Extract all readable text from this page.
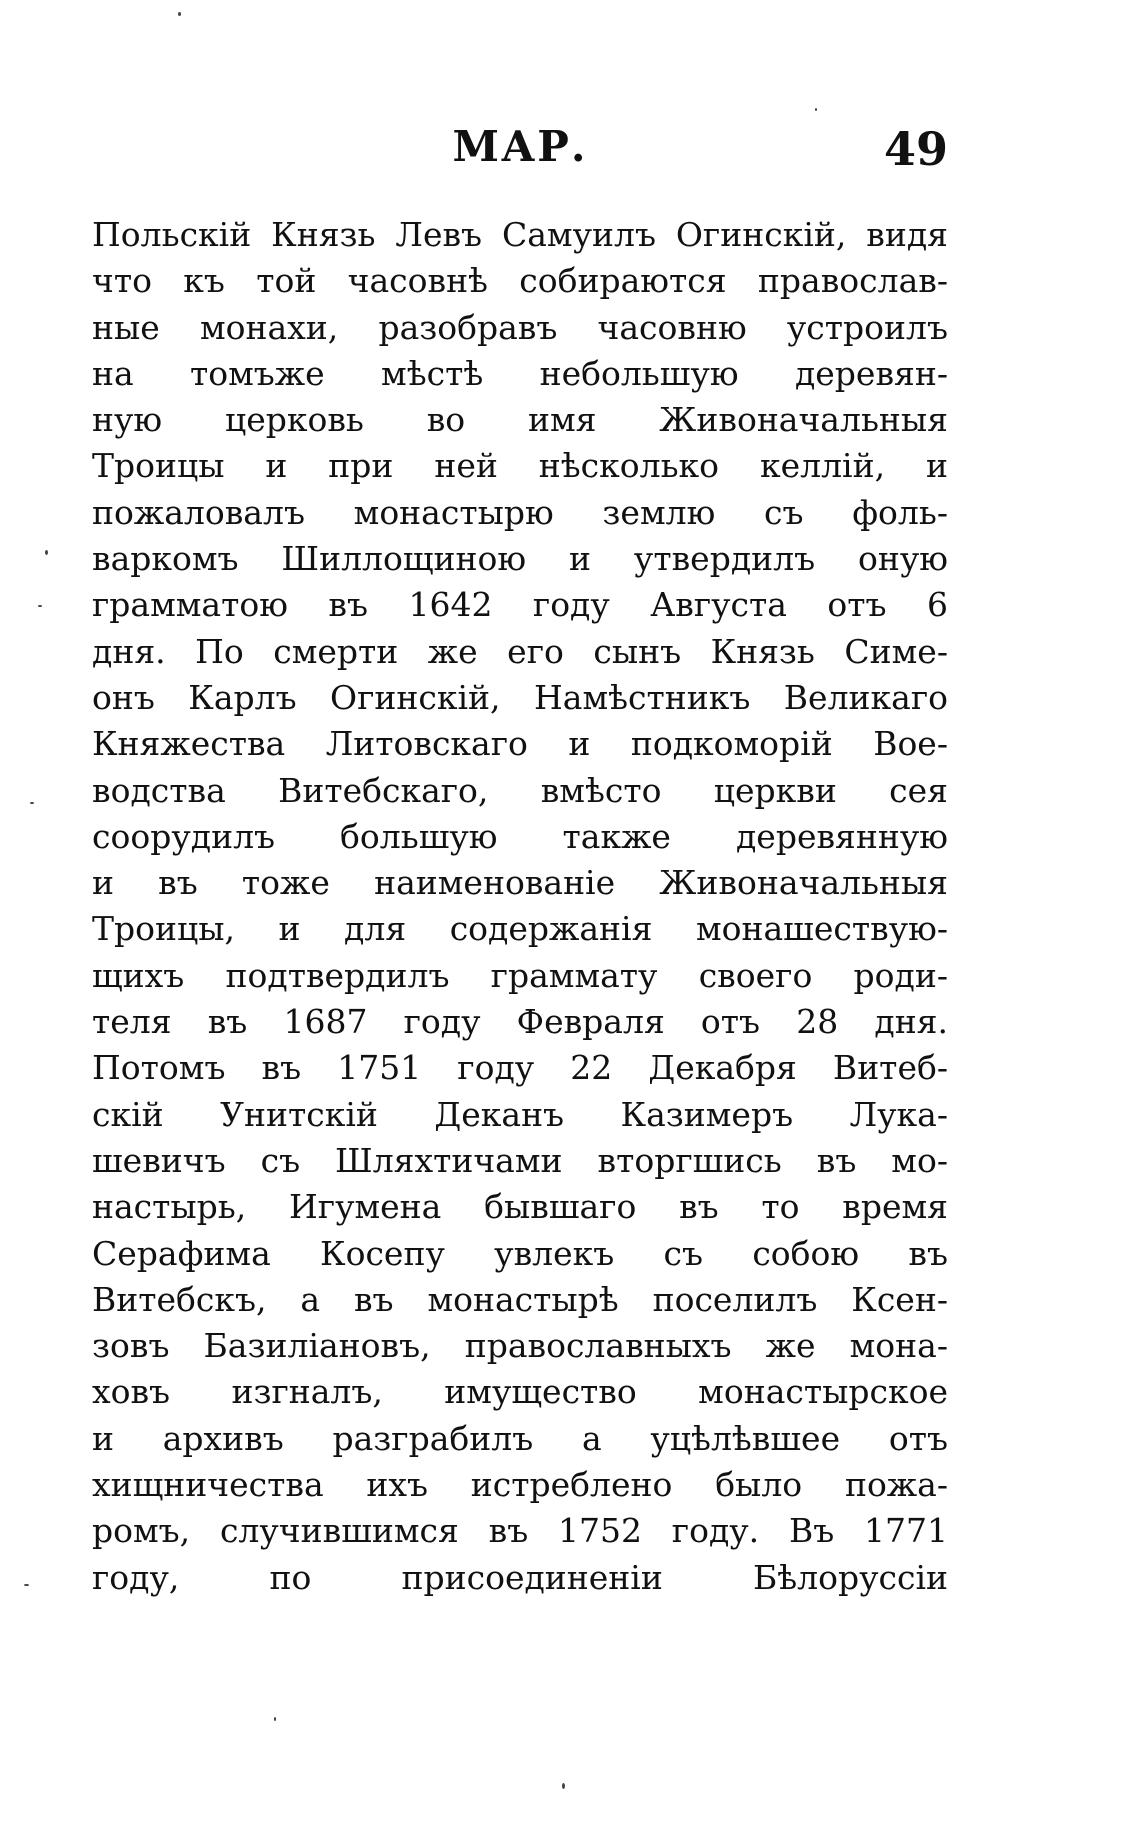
МАР.	49
Польскій Князь Левъ Самуилъ Огинскій, видя
что къ той часовнѣ собираются православ-
ные монахи, разобравъ часовню устроилъ
на томъже мѣстѣ небольшую деревян-
ную церковь во имя Живоначальныя
Троицы и при ней нѣсколько келлій, и
пожаловалъ монастырю землю съ фоль-
варкомъ Шиллощиною и утвердилъ оную
грамматою въ 1642 году Августа отъ 6
дня. По смерти же его сынъ Князь Симе-
онъ Карлъ Огинскій, Намѣстникъ Великаго
Княжества Литовскаго и подкоморій Вое-
водства Витебскаго, вмѣсто церкви сея
соорудилъ большую также деревянную
и въ тоже наименованіе Живоначальныя
Троицы, и для содержанія монашествую-
щихъ подтвердилъ граммату своего роди-
теля въ 1687 году Февраля отъ 28 дня.
Потомъ въ 1751 году 22 Декабря Витеб-
скій Унитскій Деканъ Казимеръ Лука-
шевичъ съ Шляхтичами вторгшись въ мо-
настырь, Игумена бывшаго въ то время
Серафима Косепу увлекъ съ собою въ
Витебскъ, а въ монастырѣ поселилъ Ксен-
зовъ Базиліановъ, православныхъ же мона-
ховъ изгналъ, имущество монастырское
и архивъ разграбилъ а уцѣлѣвшее отъ
хищничества ихъ истреблено было пожа-
ромъ, случившимся въ 1752 году. Въ 1771
году, по присоединеніи Бѣлоруссіи
